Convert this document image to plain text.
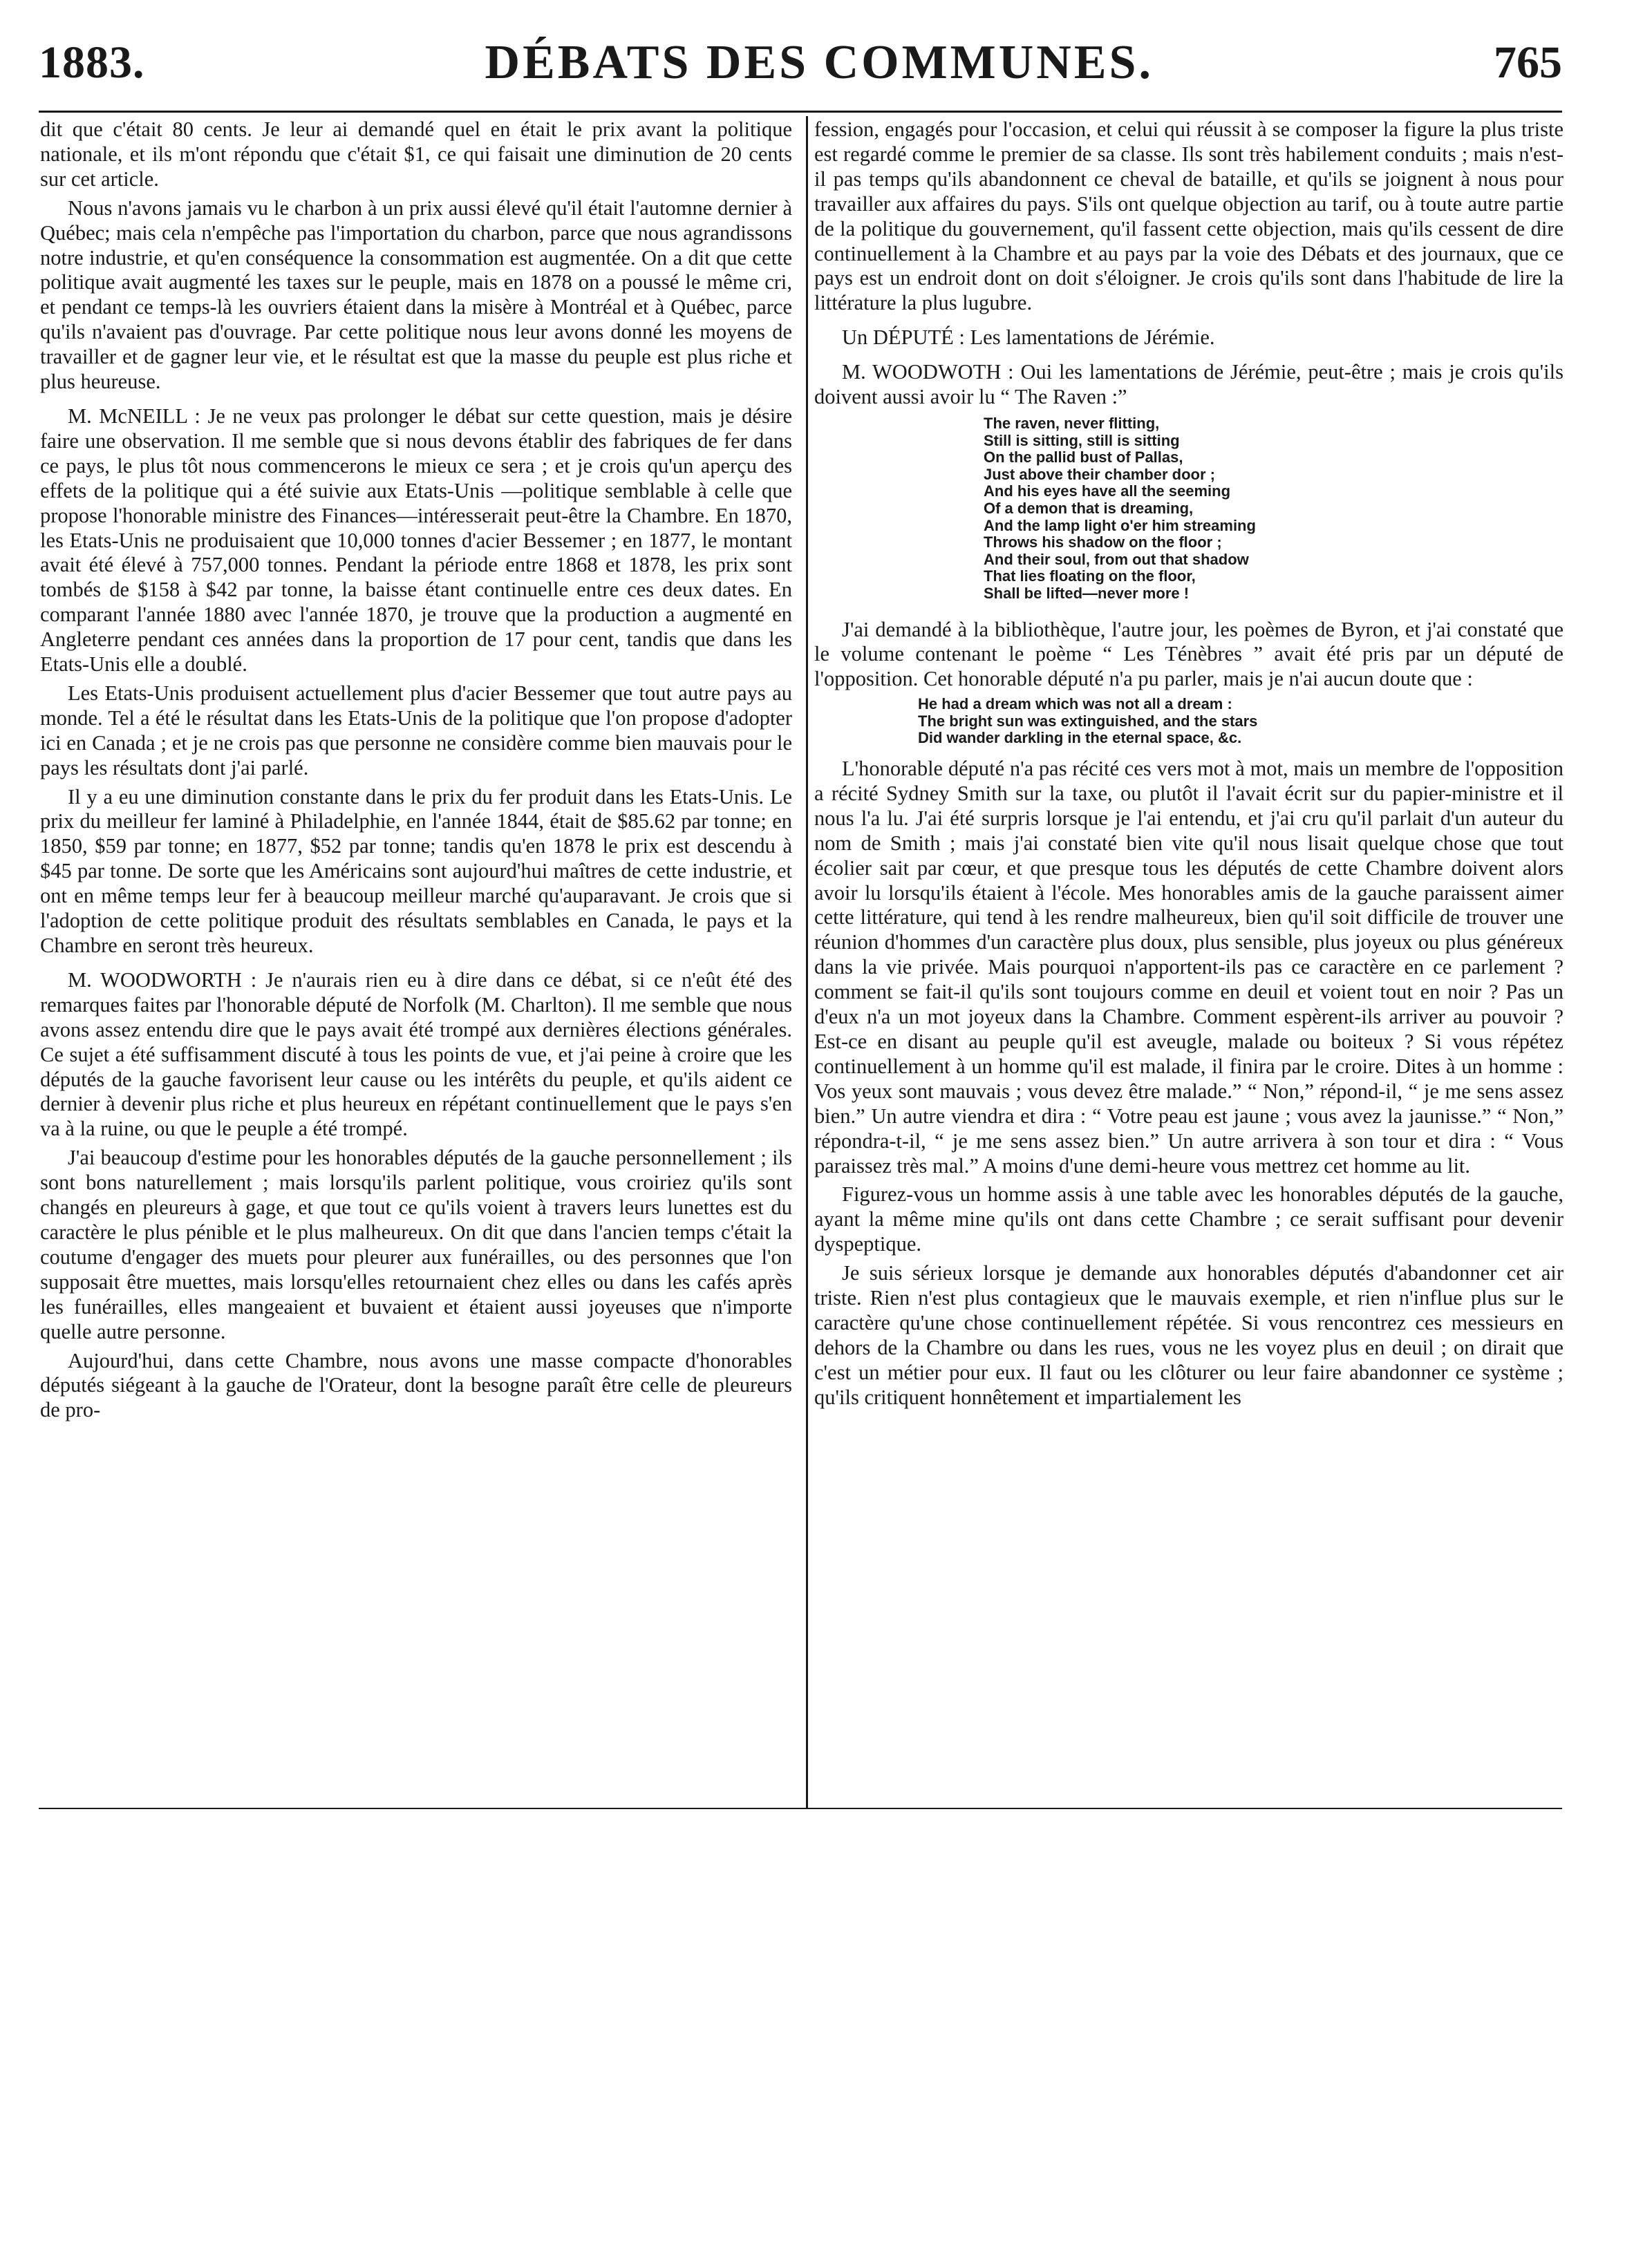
1883.	DÉBATS DES COMMUNES.	765

dit que c'était 80 cents. Je leur ai demandé quel en était le prix avant la politique nationale, et ils m'ont répondu que c'était $1, ce qui faisait une diminution de 20 cents sur cet article.

Nous n'avons jamais vu le charbon à un prix aussi élevé qu'il était l'automne dernier à Québec; mais cela n'empêche pas l'importation du charbon, parce que nous agrandissons notre industrie, et qu'en conséquence la consommation est augmentée. On a dit que cette politique avait augmenté les taxes sur le peuple, mais en 1878 on a poussé le même cri, et pendant ce temps-là les ouvriers étaient dans la misère à Montréal et à Québec, parce qu'ils n'avaient pas d'ouvrage. Par cette politique nous leur avons donné les moyens de travailler et de gagner leur vie, et le résultat est que la masse du peuple est plus riche et plus heureuse.

M. McNEILL : Je ne veux pas prolonger le débat sur cette question, mais je désire faire une observation. Il me semble que si nous devons établir des fabriques de fer dans ce pays, le plus tôt nous commencerons le mieux ce sera ; et je crois qu'un aperçu des effets de la politique qui a été suivie aux Etats-Unis —politique semblable à celle que propose l'honorable ministre des Finances—intéresserait peut-être la Chambre. En 1870, les Etats-Unis ne produisaient que 10,000 tonnes d'acier Bessemer ; en 1877, le montant avait été élevé à 757,000 tonnes. Pendant la période entre 1868 et 1878, les prix sont tombés de $158 à $42 par tonne, la baisse étant continuelle entre ces deux dates. En comparant l'année 1880 avec l'année 1870, je trouve que la production a augmenté en Angleterre pendant ces années dans la proportion de 17 pour cent, tandis que dans les Etats-Unis elle a doublé.

Les Etats-Unis produisent actuellement plus d'acier Bessemer que tout autre pays au monde. Tel a été le résultat dans les Etats-Unis de la politique que l'on propose d'adopter ici en Canada ; et je ne crois pas que personne ne considère comme bien mauvais pour le pays les résultats dont j'ai parlé.

Il y a eu une diminution constante dans le prix du fer produit dans les Etats-Unis. Le prix du meilleur fer laminé à Philadelphie, en l'année 1844, était de $85.62 par tonne; en 1850, $59 par tonne; en 1877, $52 par tonne; tandis qu'en 1878 le prix est descendu à $45 par tonne. De sorte que les Américains sont aujourd'hui maîtres de cette industrie, et ont en même temps leur fer à beaucoup meilleur marché qu'auparavant. Je crois que si l'adoption de cette politique produit des résultats semblables en Canada, le pays et la Chambre en seront très heureux.

M. WOODWORTH : Je n'aurais rien eu à dire dans ce débat, si ce n'eût été des remarques faites par l'honorable député de Norfolk (M. Charlton). Il me semble que nous avons assez entendu dire que le pays avait été trompé aux dernières élections générales. Ce sujet a été suffisamment discuté à tous les points de vue, et j'ai peine à croire que les députés de la gauche favorisent leur cause ou les intérêts du peuple, et qu'ils aident ce dernier à devenir plus riche et plus heureux en répétant continuellement que le pays s'en va à la ruine, ou que le peuple a été trompé.

J'ai beaucoup d'estime pour les honorables députés de la gauche personnellement ; ils sont bons naturellement ; mais lorsqu'ils parlent politique, vous croiriez qu'ils sont changés en pleureurs à gage, et que tout ce qu'ils voient à travers leurs lunettes est du caractère le plus pénible et le plus malheureux. On dit que dans l'ancien temps c'était la coutume d'engager des muets pour pleurer aux funérailles, ou des personnes que l'on supposait être muettes, mais lorsqu'elles retournaient chez elles ou dans les cafés après les funérailles, elles mangeaient et buvaient et étaient aussi joyeuses que n'importe quelle autre personne.

Aujourd'hui, dans cette Chambre, nous avons une masse compacte d'honorables députés siégeant à la gauche de l'Orateur, dont la besogne paraît être celle de pleureurs de pro-

fession, engagés pour l'occasion, et celui qui réussit à se composer la figure la plus triste est regardé comme le premier de sa classe. Ils sont très habilement conduits ; mais n'est-il pas temps qu'ils abandonnent ce cheval de bataille, et qu'ils se joignent à nous pour travailler aux affaires du pays. S'ils ont quelque objection au tarif, ou à toute autre partie de la politique du gouvernement, qu'il fassent cette objection, mais qu'ils cessent de dire continuellement à la Chambre et au pays par la voie des Débats et des journaux, que ce pays est un endroit dont on doit s'éloigner. Je crois qu'ils sont dans l'habitude de lire la littérature la plus lugubre.

Un DÉPUTÉ : Les lamentations de Jérémie.

M. WOODWOTH : Oui les lamentations de Jérémie, peut-être ; mais je crois qu'ils doivent aussi avoir lu “ The Raven :”

The raven, never flitting,
Still is sitting, still is sitting
On the pallid bust of Pallas,
Just above their chamber door ;
And his eyes have all the seeming
Of a demon that is dreaming,
And the lamp light o'er him streaming
Throws his shadow on the floor ;
And their soul, from out that shadow
That lies floating on the floor,
Shall be lifted—never more !

J'ai demandé à la bibliothèque, l'autre jour, les poèmes de Byron, et j'ai constaté que le volume contenant le poème “ Les Ténèbres ” avait été pris par un député de l'opposition. Cet honorable député n'a pu parler, mais je n'ai aucun doute que :

He had a dream which was not all a dream :
The bright sun was extinguished, and the stars
Did wander darkling in the eternal space, &c.

L'honorable député n'a pas récité ces vers mot à mot, mais un membre de l'opposition a récité Sydney Smith sur la taxe, ou plutôt il l'avait écrit sur du papier-ministre et il nous l'a lu. J'ai été surpris lorsque je l'ai entendu, et j'ai cru qu'il parlait d'un auteur du nom de Smith ; mais j'ai constaté bien vite qu'il nous lisait quelque chose que tout écolier sait par cœur, et que presque tous les députés de cette Chambre doivent alors avoir lu lorsqu'ils étaient à l'école. Mes honorables amis de la gauche paraissent aimer cette littérature, qui tend à les rendre malheureux, bien qu'il soit difficile de trouver une réunion d'hommes d'un caractère plus doux, plus sensible, plus joyeux ou plus généreux dans la vie privée. Mais pourquoi n'apportent-ils pas ce caractère en ce parlement ? comment se fait-il qu'ils sont toujours comme en deuil et voient tout en noir ? Pas un d'eux n'a un mot joyeux dans la Chambre. Comment espèrent-ils arriver au pouvoir ? Est-ce en disant au peuple qu'il est aveugle, malade ou boiteux ? Si vous répétez continuellement à un homme qu'il est malade, il finira par le croire. Dites à un homme : Vos yeux sont mauvais ; vous devez être malade.” “ Non,” répond-il, “ je me sens assez bien.” Un autre viendra et dira : “ Votre peau est jaune ; vous avez la jaunisse.” “ Non,” répondra-t-il, “ je me sens assez bien.” Un autre arrivera à son tour et dira : “ Vous paraissez très mal.” A moins d'une demi-heure vous mettrez cet homme au lit.

Figurez-vous un homme assis à une table avec les honorables députés de la gauche, ayant la même mine qu'ils ont dans cette Chambre ; ce serait suffisant pour devenir dyspeptique.

Je suis sérieux lorsque je demande aux honorables députés d'abandonner cet air triste. Rien n'est plus contagieux que le mauvais exemple, et rien n'influe plus sur le caractère qu'une chose continuellement répétée. Si vous rencontrez ces messieurs en dehors de la Chambre ou dans les rues, vous ne les voyez plus en deuil ; on dirait que c'est un métier pour eux. Il faut ou les clôturer ou leur faire abandonner ce système ; qu'ils critiquent honnêtement et impartialement les
